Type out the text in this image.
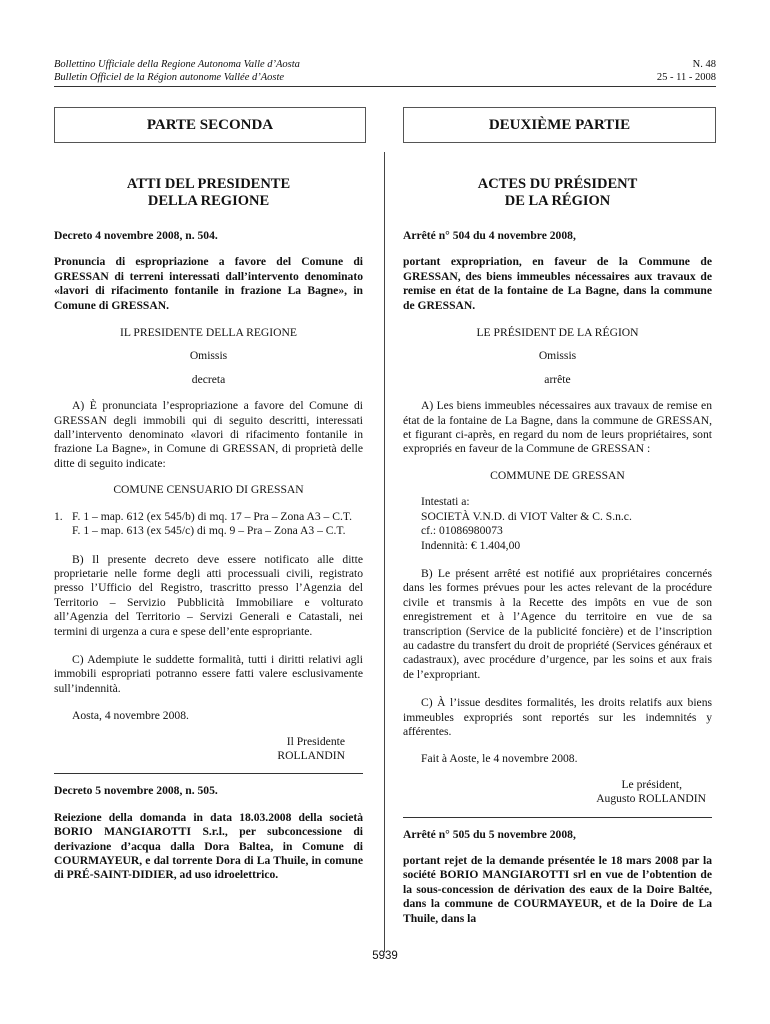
Bollettino Ufficiale della Regione Autonoma Valle d’Aosta
Bulletin Officiel de la Région autonome Vallée d’Aoste
N. 48
25 - 11 - 2008
PARTE SECONDA	DEUXIÈME PARTIE

ATTI DEL PRESIDENTE

DELLA REGIONE

Decreto 4 novembre 2008, n. 504.

Pronuncia di espropriazione a favore del Comune di GRESSAN di terreni interessati dall’intervento denominato «lavori di rifacimento fontanile in frazione La Bagne», in Comune di GRESSAN.

IL PRESIDENTE DELLA REGIONE

Omissis

decreta

A) È pronunciata l’espropriazione a favore del Comune di GRESSAN degli immobili qui di seguito descritti, interessati dall’intervento denominato «lavori di rifacimento fontanile in frazione La Bagne», in Comune di GRESSAN, di proprietà delle ditte di seguito indicate:

COMUNE CENSUARIO DI GRESSAN

1. F. 1 – map. 612 (ex 545/b) di mq. 17 – Pra – Zona A3 – C.T.

F. 1 – map. 613 (ex 545/c) di mq. 9 – Pra – Zona A3 – C.T.

B) Il presente decreto deve essere notificato alle ditte proprietarie nelle forme degli atti processuali civili, registrato presso l’Ufficio del Registro, trascritto presso l’Agenzia del Territorio – Servizio Pubblicità Immobiliare e volturato all’Agenzia del Territorio – Servizi Generali e Catastali, nei termini di urgenza a cura e spese dell’ente espropriante.

C) Adempiute le suddette formalità, tutti i diritti relativi agli immobili espropriati potranno essere fatti valere esclusivamente sull’indennità.

Aosta, 4 novembre 2008.

Il Presidente

ROLLANDIN

Decreto 5 novembre 2008, n. 505.

Reiezione della domanda in data 18.03.2008 della società BORIO MANGIAROTTI S.r.l., per subconcessione di derivazione d’acqua dalla Dora Baltea, in Comune di COURMAYEUR, e dal torrente Dora di La Thuile, in comune di PRÉ-SAINT-DIDIER, ad uso idroelettrico.

ACTES DU PRÉSIDENT

DE LA RÉGION

Arrêté n° 504 du 4 novembre 2008,

portant expropriation, en faveur de la Commune de GRESSAN, des biens immeubles nécessaires aux travaux de remise en état de la fontaine de La Bagne, dans la commune de GRESSAN.

LE PRÉSIDENT DE LA RÉGION

Omissis

arrête

A) Les biens immeubles nécessaires aux travaux de remise en état de la fontaine de La Bagne, dans la commune de GRESSAN, et figurant ci-après, en regard du nom de leurs propriétaires, sont expropriés en faveur de la Commune de GRESSAN :

COMMUNE DE GRESSAN

Intestati a:

SOCIETÀ V.N.D. di VIOT Valter & C. S.n.c.

cf.: 01086980073

Indennità: € 1.404,00

B) Le présent arrêté est notifié aux propriétaires concernés dans les formes prévues pour les actes relevant de la procédure civile et transmis à la Recette des impôts en vue de son enregistrement et à l’Agence du territoire en vue de sa transcription (Service de la publicité foncière) et de l’inscription au cadastre du transfert du droit de propriété (Services généraux et cadastraux), avec procédure d’urgence, par les soins et aux frais de l’expropriant.

C) À l’issue desdites formalités, les droits relatifs aux biens immeubles expropriés sont reportés sur les indemnités y afférentes.

Fait à Aoste, le 4 novembre 2008.

Le président,

Augusto ROLLANDIN

Arrêté n° 505 du 5 novembre 2008,

portant rejet de la demande présentée le 18 mars 2008 par la société BORIO MANGIAROTTI srl en vue de l’obtention de la sous-concession de dérivation des eaux de la Doire Baltée, dans la commune de COURMAYEUR, et de la Doire de La Thuile, dans la

5939
